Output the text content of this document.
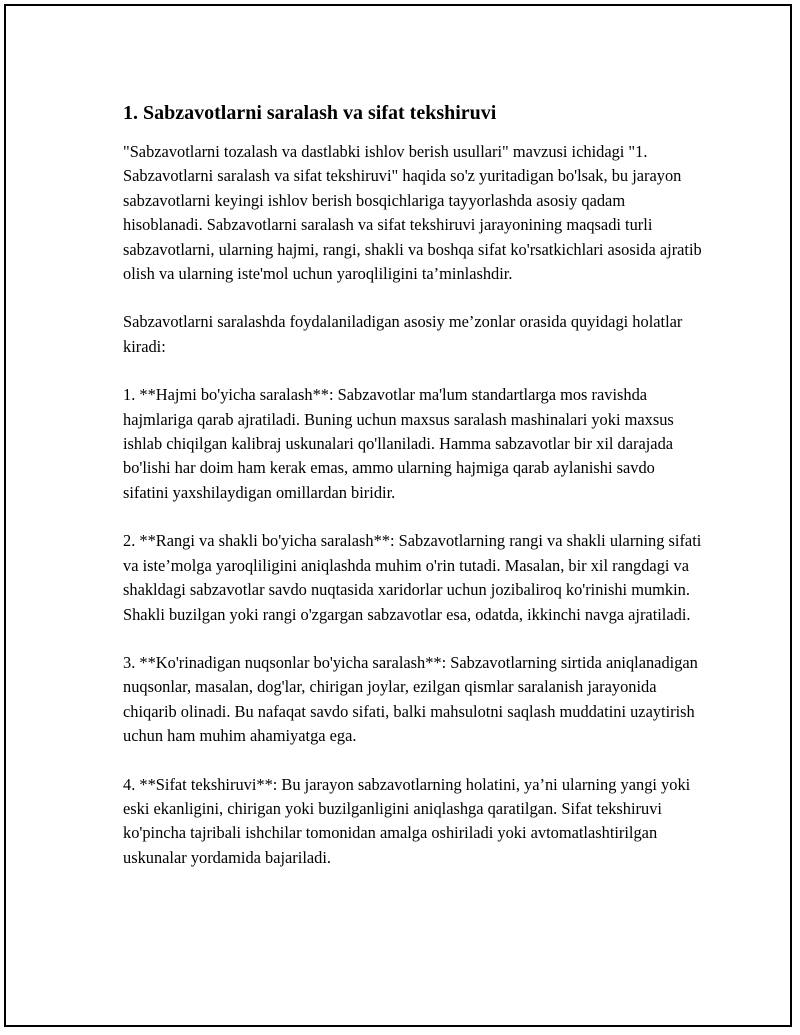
1. Sabzavotlarni saralash va sifat tekshiruvi

"Sabzavotlarni tozalash va dastlabki ishlov berish usullari" mavzusi ichidagi "1. Sabzavotlarni saralash va sifat tekshiruvi" haqida so'z yuritadigan bo'lsak, bu jarayon sabzavotlarni keyingi ishlov berish bosqichlariga tayyorlashda asosiy qadam hisoblanadi. Sabzavotlarni saralash va sifat tekshiruvi jarayonining maqsadi turli sabzavotlarni, ularning hajmi, rangi, shakli va boshqa sifat ko'rsatkichlari asosida ajratib olish va ularning iste'mol uchun yaroqliligini ta’minlashdir.

Sabzavotlarni saralashda foydalaniladigan asosiy me’zonlar orasida quyidagi holatlar kiradi:

1. **Hajmi bo'yicha saralash**: Sabzavotlar ma'lum standartlarga mos ravishda hajmlariga qarab ajratiladi. Buning uchun maxsus saralash mashinalari yoki maxsus ishlab chiqilgan kalibraj uskunalari qo'llaniladi. Hamma sabzavotlar bir xil darajada bo'lishi har doim ham kerak emas, ammo ularning hajmiga qarab aylanishi savdo sifatini yaxshilaydigan omillardan biridir.

2. **Rangi va shakli bo'yicha saralash**: Sabzavotlarning rangi va shakli ularning sifati va iste’molga yaroqliligini aniqlashda muhim o'rin tutadi. Masalan, bir xil rangdagi va shakldagi sabzavotlar savdo nuqtasida xaridorlar uchun jozibaliroq ko'rinishi mumkin. Shakli buzilgan yoki rangi o'zgargan sabzavotlar esa, odatda, ikkinchi navga ajratiladi.

3. **Ko'rinadigan nuqsonlar bo'yicha saralash**: Sabzavotlarning sirtida aniqlanadigan nuqsonlar, masalan, dog'lar, chirigan joylar, ezilgan qismlar saralanish jarayonida chiqarib olinadi. Bu nafaqat savdo sifati, balki mahsulotni saqlash muddatini uzaytirish uchun ham muhim ahamiyatga ega.

4. **Sifat tekshiruvi**: Bu jarayon sabzavotlarning holatini, ya’ni ularning yangi yoki eski ekanligini, chirigan yoki buzilganligini aniqlashga qaratilgan. Sifat tekshiruvi ko'pincha tajribali ishchilar tomonidan amalga oshiriladi yoki avtomatlashtirilgan uskunalar yordamida bajariladi.
